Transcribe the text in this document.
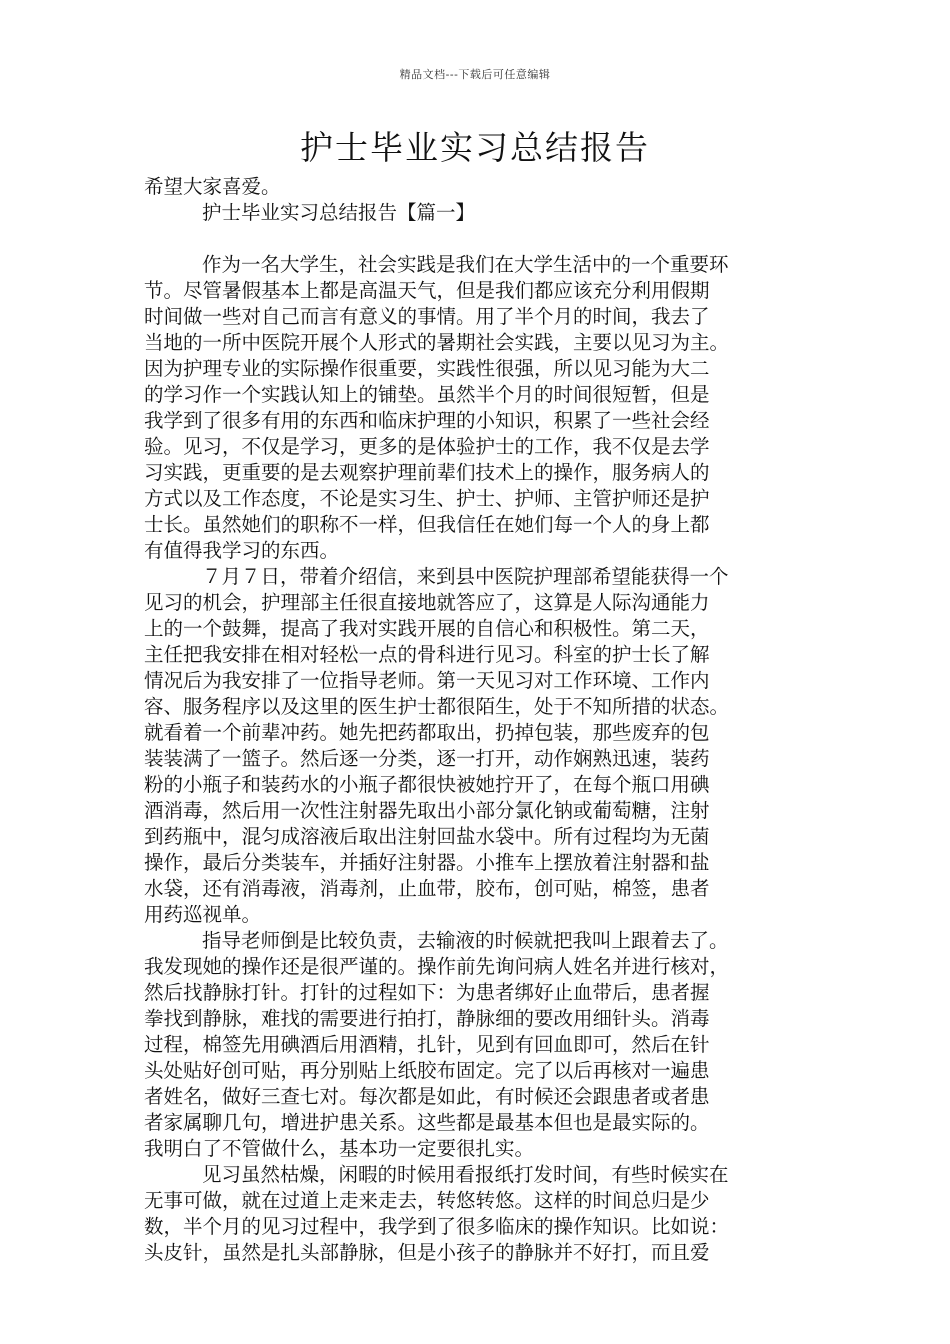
精品文档---下载后可任意编辑
护士毕业实习总结报告
希望大家喜爱。
护士毕业实习总结报告【篇一】
作为一名大学生，社会实践是我们在大学生活中的一个重要环
节。尽管暑假基本上都是高温天气，但是我们都应该充分利用假期
时间做一些对自己而言有意义的事情。用了半个月的时间，我去了
当地的一所中医院开展个人形式的暑期社会实践，主要以见习为主。
因为护理专业的实际操作很重要，实践性很强，所以见习能为大二
的学习作一个实践认知上的铺垫。虽然半个月的时间很短暂，但是
我学到了很多有用的东西和临床护理的小知识，积累了一些社会经
验。见习，不仅是学习，更多的是体验护士的工作，我不仅是去学
习实践，更重要的是去观察护理前辈们技术上的操作，服务病人的
方式以及工作态度，不论是实习生、护士、护师、主管护师还是护
士长。虽然她们的职称不一样，但我信任在她们每一个人的身上都
有值得我学习的东西。
７月７日，带着介绍信，来到县中医院护理部希望能获得一个
见习的机会，护理部主任很直接地就答应了，这算是人际沟通能力
上的一个鼓舞，提高了我对实践开展的自信心和积极性。第二天，
主任把我安排在相对轻松一点的骨科进行见习。科室的护士长了解
情况后为我安排了一位指导老师。第一天见习对工作环境、工作内
容、服务程序以及这里的医生护士都很陌生，处于不知所措的状态。
就看着一个前辈冲药。她先把药都取出，扔掉包装，那些废弃的包
装装满了一篮子。然后逐一分类，逐一打开，动作娴熟迅速，装药
粉的小瓶子和装药水的小瓶子都很快被她拧开了，在每个瓶口用碘
酒消毒，然后用一次性注射器先取出小部分氯化钠或葡萄糖，注射
到药瓶中，混匀成溶液后取出注射回盐水袋中。所有过程均为无菌
操作，最后分类装车，并插好注射器。小推车上摆放着注射器和盐
水袋，还有消毒液，消毒剂，止血带，胶布，创可贴，棉签，患者
用药巡视单。
指导老师倒是比较负责，去输液的时候就把我叫上跟着去了。
我发现她的操作还是很严谨的。操作前先询问病人姓名并进行核对，
然后找静脉打针。打针的过程如下：为患者绑好止血带后，患者握
拳找到静脉，难找的需要进行拍打，静脉细的要改用细针头。消毒
过程，棉签先用碘酒后用酒精，扎针，见到有回血即可，然后在针
头处贴好创可贴，再分别贴上纸胶布固定。完了以后再核对一遍患
者姓名，做好三查七对。每次都是如此，有时候还会跟患者或者患
者家属聊几句，增进护患关系。这些都是最基本但也是最实际的。
我明白了不管做什么，基本功一定要很扎实。
见习虽然枯燥，闲暇的时候用看报纸打发时间，有些时候实在
无事可做，就在过道上走来走去，转悠转悠。这样的时间总归是少
数，半个月的见习过程中，我学到了很多临床的操作知识。比如说：
头皮针，虽然是扎头部静脉，但是小孩子的静脉并不好打，而且爱
